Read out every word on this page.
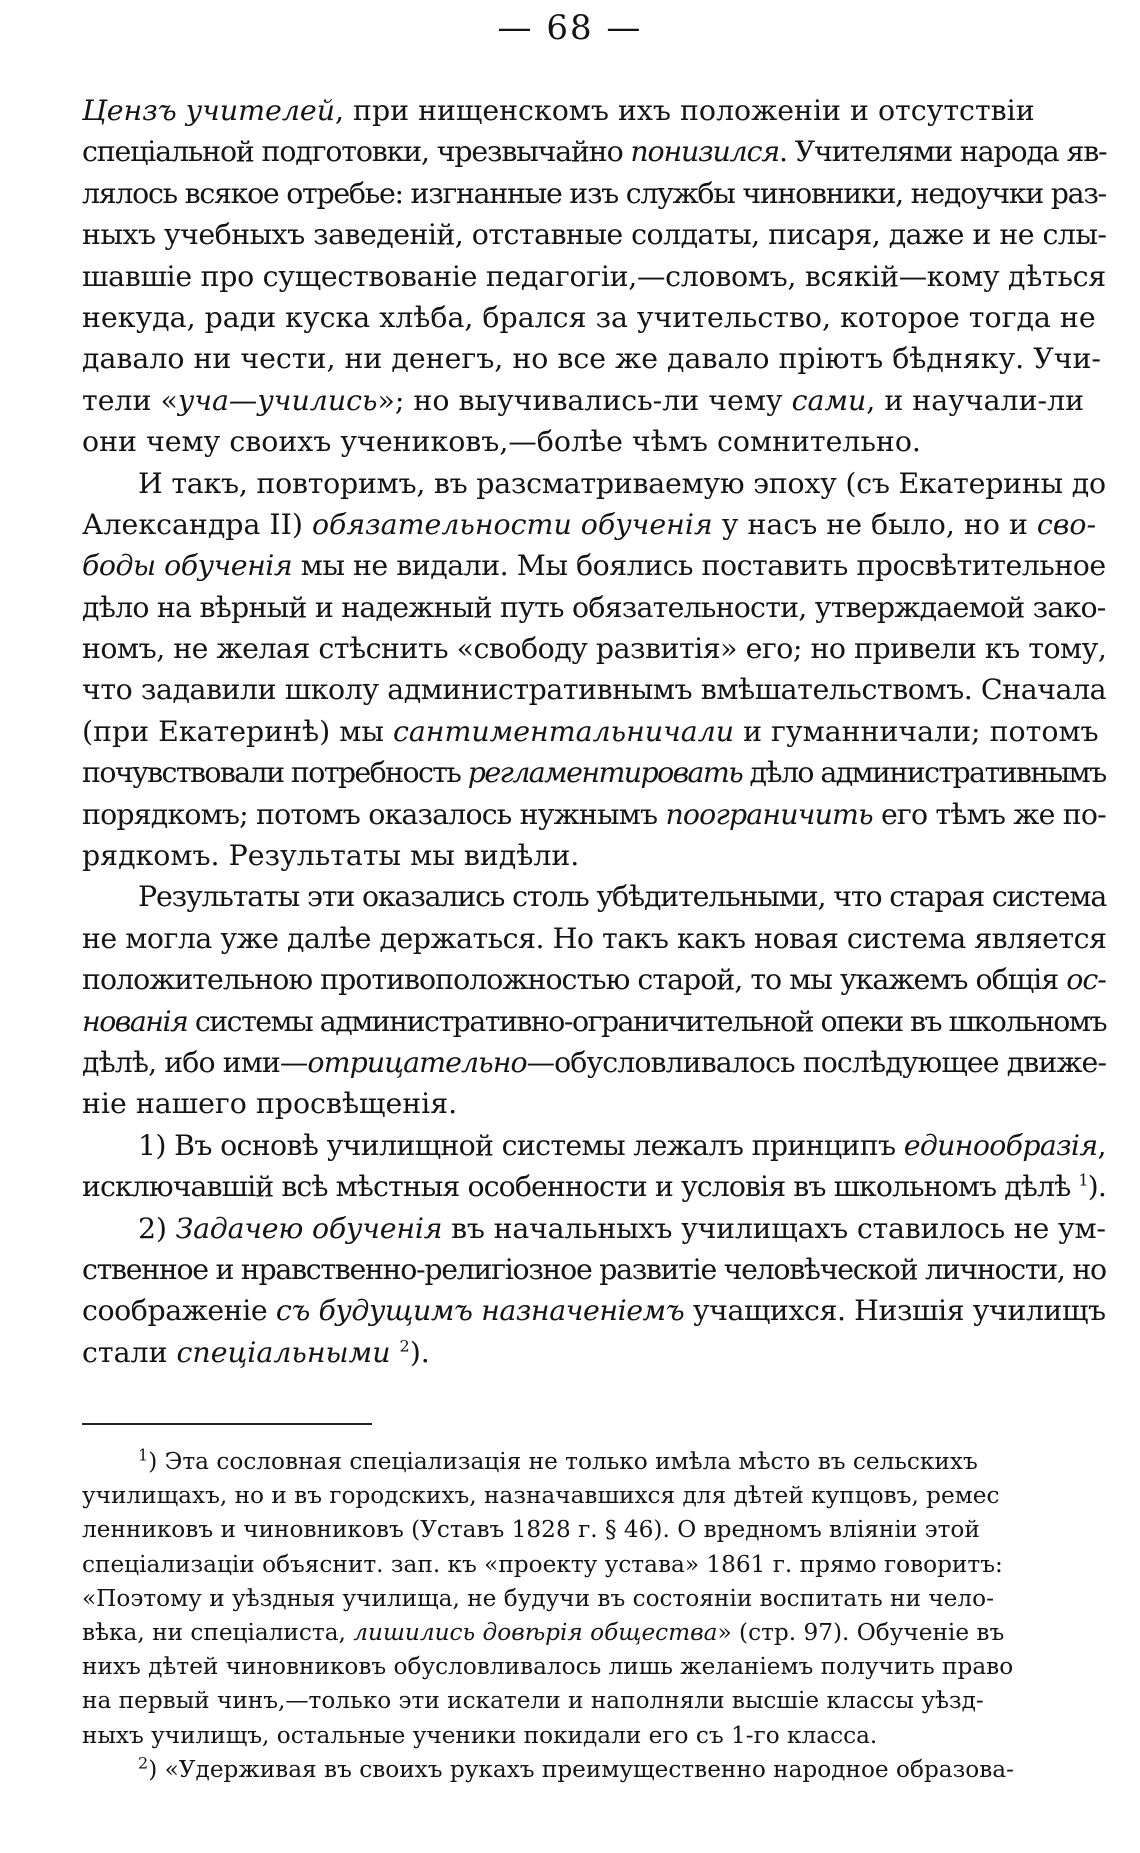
— 68 —
Цензъ учителей, при нищенскомъ ихъ положеніи и отсутствіи
спеціальной подготовки, чрезвычайно понизился. Учителями народа яв-
лялось всякое отребье: изгнанные изъ службы чиновники, недоучки раз-
ныхъ учебныхъ заведеній, отставные солдаты, писаря, даже и не слы-
шавшіе про существованіе педагогіи,—словомъ, всякій—кому дѣться
некуда, ради куска хлѣба, брался за учительство, которое тогда не
давало ни чести, ни денегъ, но все же давало пріютъ бѣдняку. Учи-
тели «уча—учились»; но выучивались-ли чему сами, и научали-ли
они чему своихъ учениковъ,—болѣе чѣмъ сомнительно.
И такъ, повторимъ, въ разсматриваемую эпоху (съ Екатерины до
Александра II) обязательности обученія у насъ не было, но и сво-
боды обученія мы не видали. Мы боялись поставить просвѣтительное
дѣло на вѣрный и надежный путь обязательности, утверждаемой зако-
номъ, не желая стѣснить «свободу развитія» его; но привели къ тому,
что задавили школу административнымъ вмѣшательствомъ. Сначала
(при Екатеринѣ) мы сантиментальничали и гуманничали; потомъ
почувствовали потребность регламентировать дѣло административнымъ
порядкомъ; потомъ оказалось нужнымъ поограничить его тѣмъ же по-
рядкомъ. Результаты мы видѣли.
Результаты эти оказались столь убѣдительными, что старая система
не могла уже далѣе держаться. Но такъ какъ новая система является
положительною противоположностью старой, то мы укажемъ общія ос-
нованія системы административно-ограничительной опеки въ школьномъ
дѣлѣ, ибо ими—отрицательно—обусловливалось послѣдующее движе-
ніе нашего просвѣщенія.
1) Въ основѣ училищной системы лежалъ принципъ единообразія,
исключавшій всѣ мѣстныя особенности и условія въ школьномъ дѣлѣ $^1$).
2) Задачею обученія въ начальныхъ училищахъ ставилось не ум-
ственное и нравственно-религіозное развитіе человѣческой личности, но
соображеніе съ будущимъ назначеніемъ учащихся. Низшія училищъ
стали спеціальными $^2$).
$^1$) Эта сословная спеціализація не только имѣла мѣсто въ сельскихъ
училищахъ, но и въ городскихъ, назначавшихся для дѣтей купцовъ, ремес
ленниковъ и чиновниковъ (Уставъ 1828 г. § 46). О вредномъ вліяніи этой
спеціализаціи объяснит. зап. къ «проекту устава» 1861 г. прямо говоритъ:
«Поэтому и уѣздныя училища, не будучи въ состояніи воспитать ни чело-
вѣка, ни спеціалиста, лишились довѣрія общества» (стр. 97). Обученіе въ
нихъ дѣтей чиновниковъ обусловливалось лишь желаніемъ получить право
на первый чинъ,—только эти искатели и наполняли высшіе классы уѣзд-
ныхъ училищъ, остальные ученики покидали его съ 1-го класса.
$^2$) «Удерживая въ своихъ рукахъ преимущественно народное образова-
